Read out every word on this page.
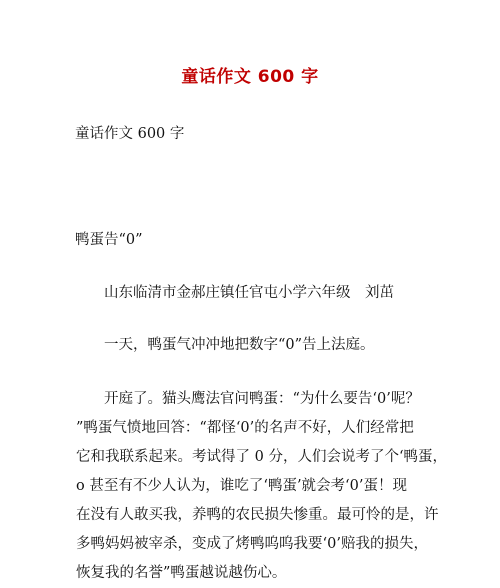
童话作文 600 字
童话作文 600 字
鸭蛋告“0”
山东临清市金郝庄镇任官屯小学六年级　刘茁
一天，鸭蛋气冲冲地把数字“0”告上法庭。
开庭了。猫头鹰法官问鸭蛋：“为什么要告‘0’呢？
”鸭蛋气愤地回答：“都怪‘0’的名声不好，人们经常把
它和我联系起来。考试得了 0 分，人们会说考了个‘鸭蛋，
o 甚至有不少人认为，谁吃了‘鸭蛋’就会考‘0’蛋！现
在没有人敢买我，养鸭的农民损失惨重。最可怜的是，许
多鸭妈妈被宰杀，变成了烤鸭呜呜我要‘0’赔我的损失，
恢复我的名誉”鸭蛋越说越伤心。
